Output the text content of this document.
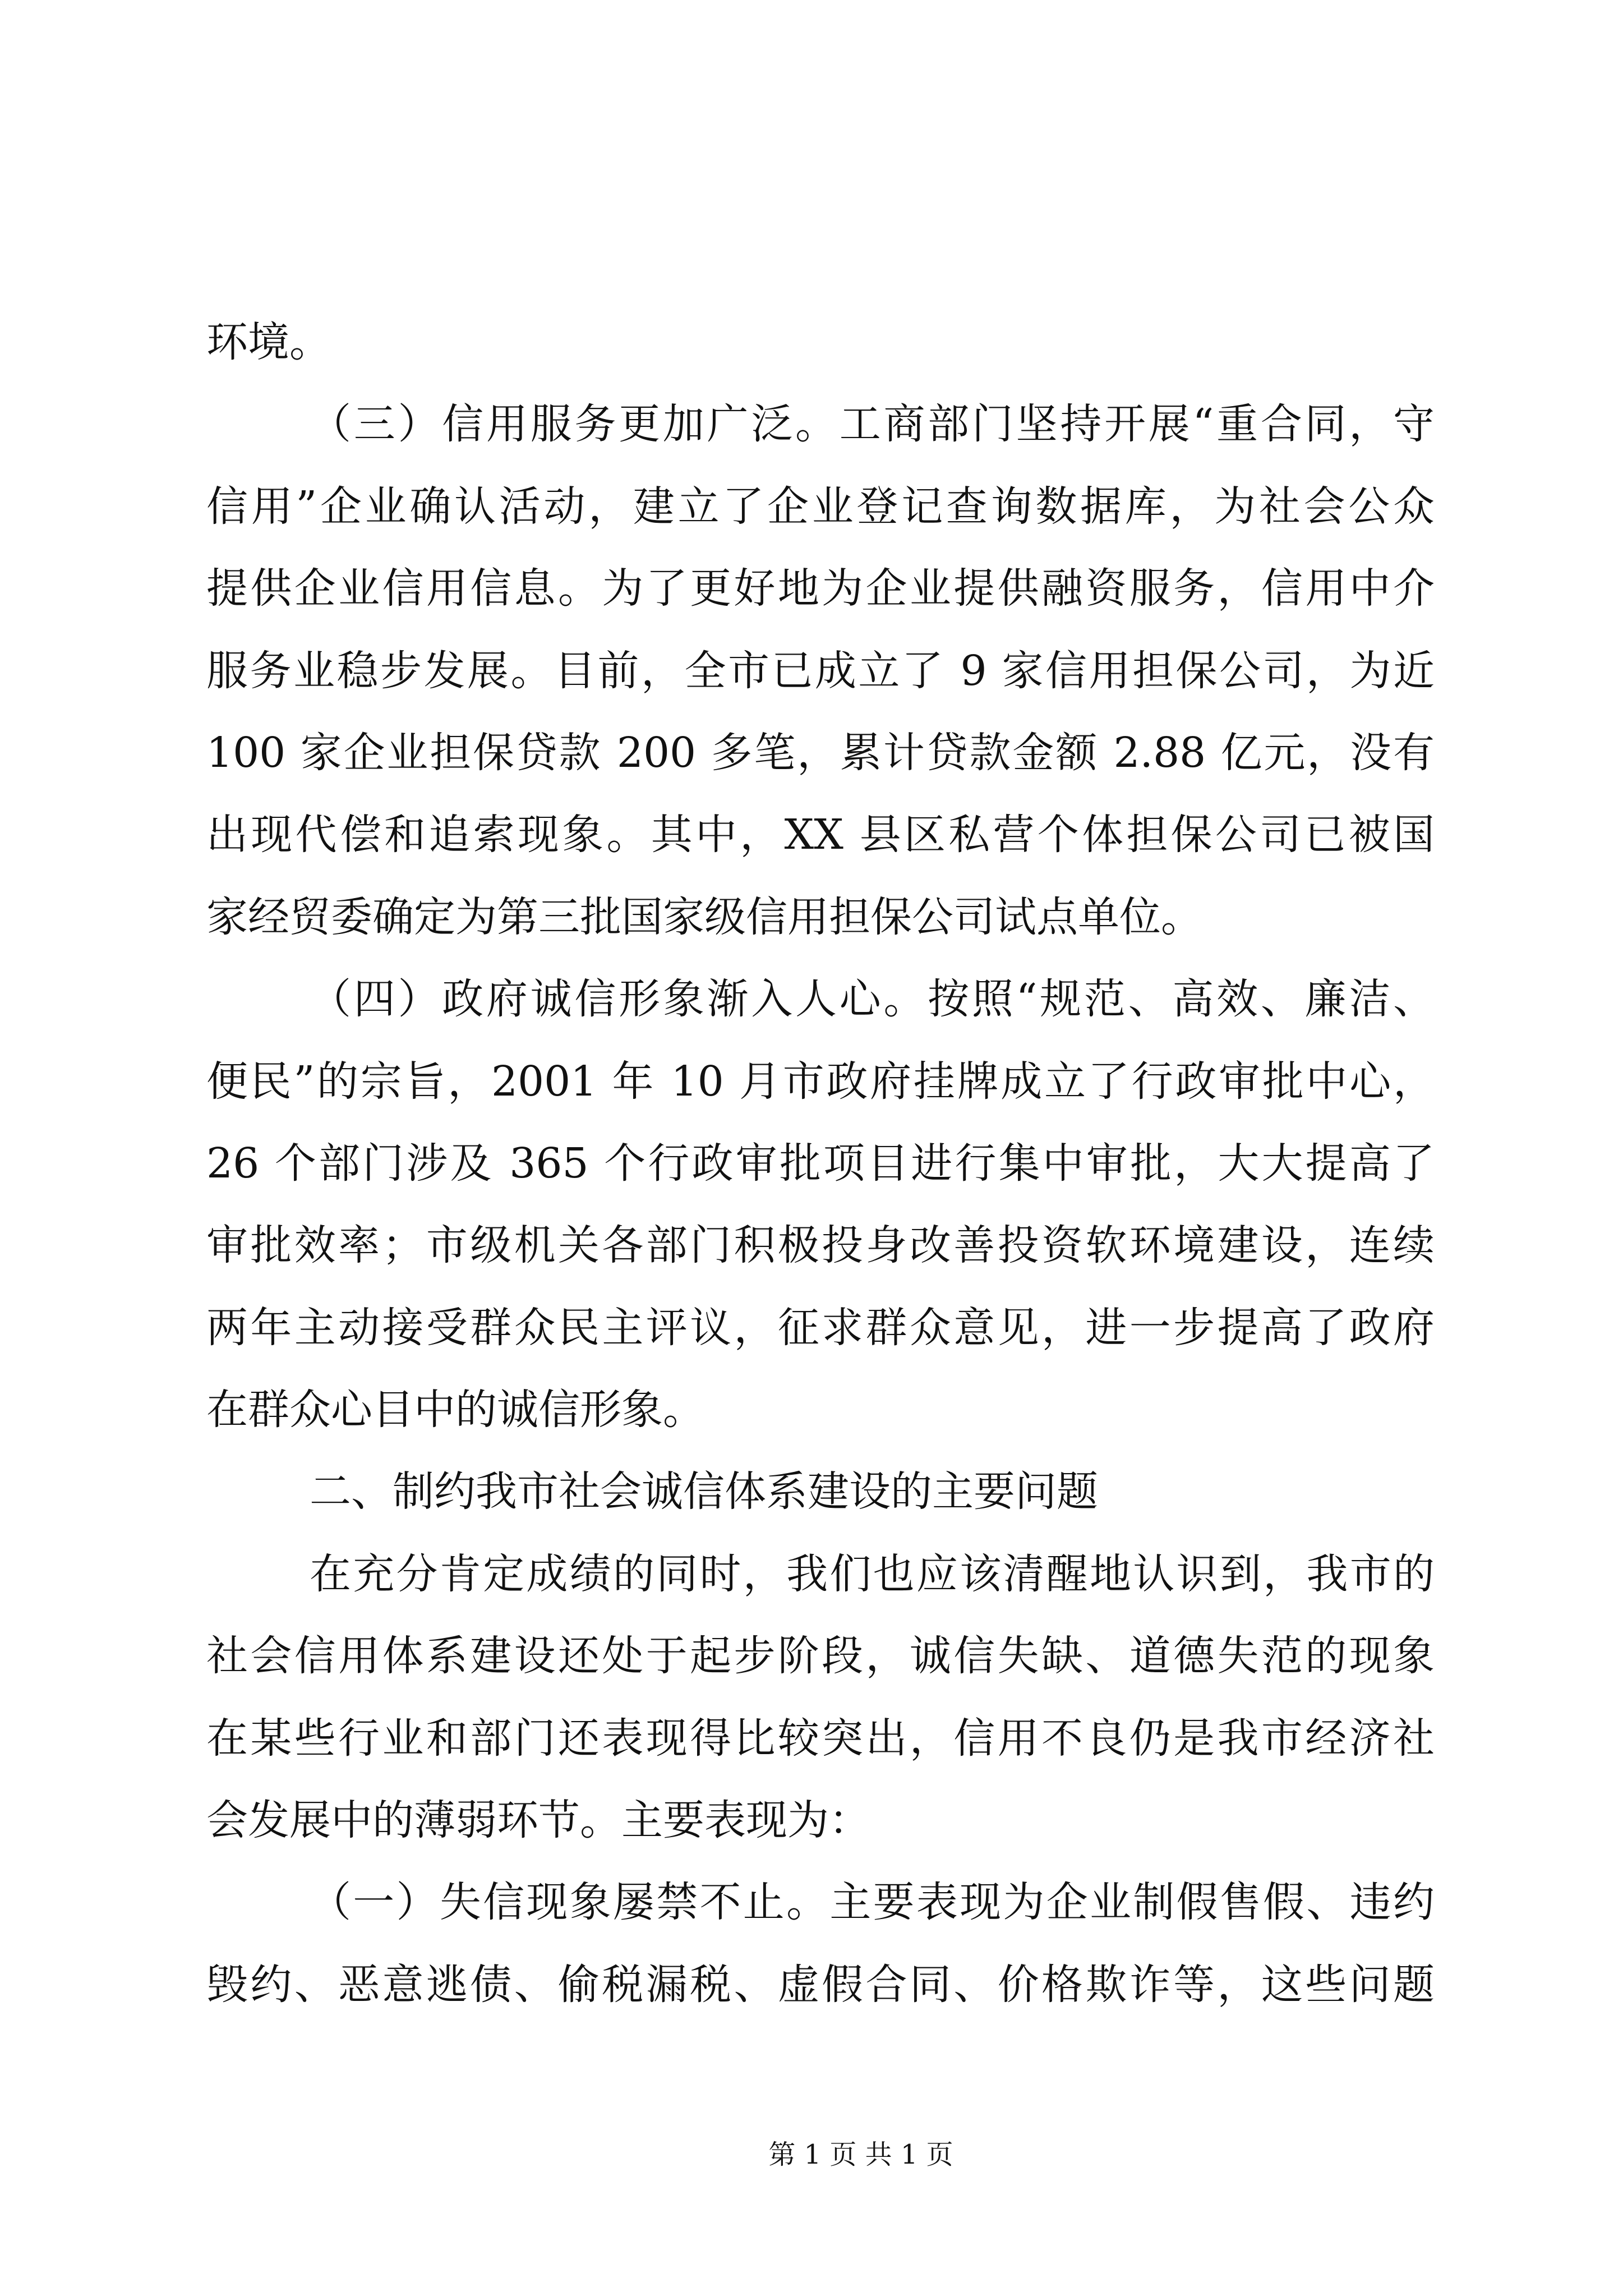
环境。
（三）信用服务更加广泛。工商部门坚持开展“重合同，守
信用”企业确认活动，建立了企业登记查询数据库，为社会公众
提供企业信用信息。为了更好地为企业提供融资服务，信用中介
服务业稳步发展。目前，全市已成立了 9 家信用担保公司，为近
100 家企业担保贷款 200 多笔，累计贷款金额 2.88 亿元，没有
出现代偿和追索现象。其中，XX 县区私营个体担保公司已被国
家经贸委确定为第三批国家级信用担保公司试点单位。
（四）政府诚信形象渐入人心。按照“规范、高效、廉洁、
便民”的宗旨，2001 年 10 月市政府挂牌成立了行政审批中心，
26 个部门涉及 365 个行政审批项目进行集中审批，大大提高了
审批效率；市级机关各部门积极投身改善投资软环境建设，连续
两年主动接受群众民主评议，征求群众意见，进一步提高了政府
在群众心目中的诚信形象。
二、制约我市社会诚信体系建设的主要问题
在充分肯定成绩的同时，我们也应该清醒地认识到，我市的
社会信用体系建设还处于起步阶段，诚信失缺、道德失范的现象
在某些行业和部门还表现得比较突出，信用不良仍是我市经济社
会发展中的薄弱环节。主要表现为：
（一）失信现象屡禁不止。主要表现为企业制假售假、违约
毁约、恶意逃债、偷税漏税、虚假合同、价格欺诈等，这些问题
第 1 页 共 1 页
